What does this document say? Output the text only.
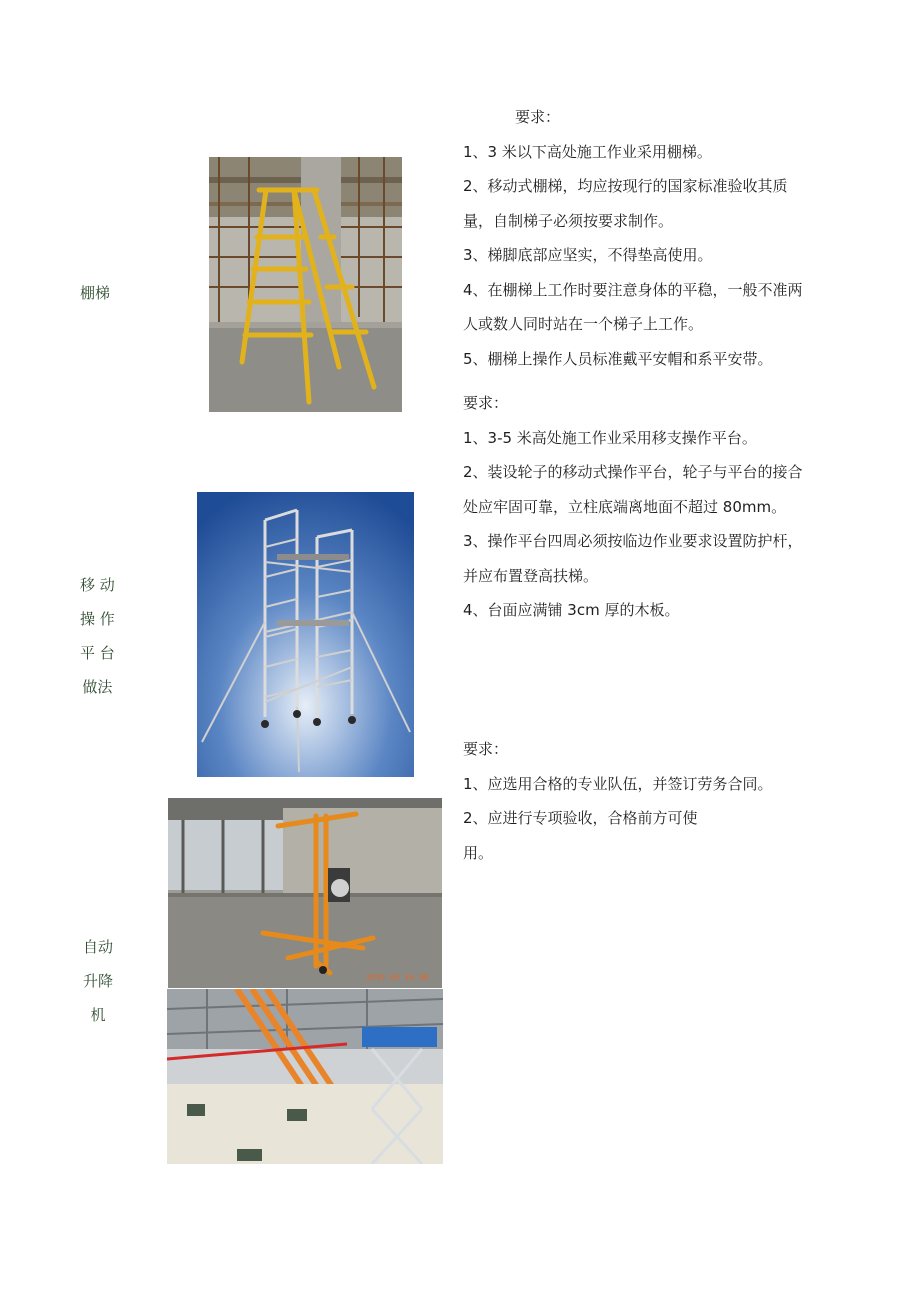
棚梯
要求：
1、3 米以下高处施工作业采用棚梯。
2、移动式棚梯，均应按现行的国家标准验收其质
量，自制梯子必须按要求制作。
3、梯脚底部应坚实，不得垫高使用。
4、在棚梯上工作时要注意身体的平稳，一般不准两
人或数人同时站在一个梯子上工作。
5、棚梯上操作人员标准戴平安帽和系平安带。
移 动
操 作
平 台
做法
要求：
1、3-5 米高处施工作业采用移支操作平台。
2、装设轮子的移动式操作平台，轮子与平台的接合
处应牢固可靠，立柱底端离地面不超过 80mm。
3、操作平台四周必须按临边作业要求设置防护杆，
并应布置登高扶梯。
4、台面应满铺 3cm 厚的木板。
自动
升降
机
2014 04 16 08
要求：
1、应选用合格的专业队伍，并签订劳务合同。
2、应进行专项验收，合格前方可使
用。
